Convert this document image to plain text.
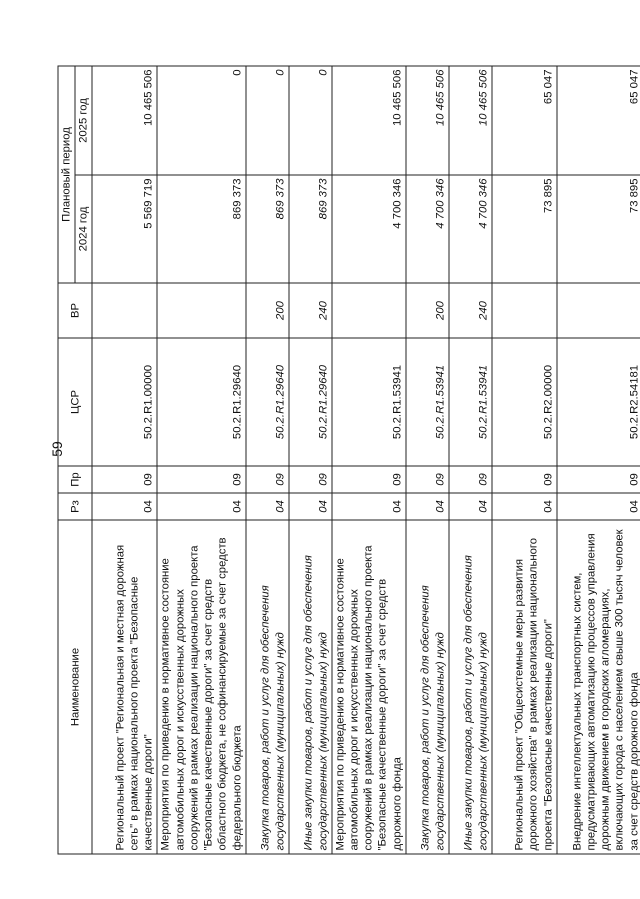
59
Наименование	Рз	Пр	ЦСР	ВР	Плановый период	
					2024 год	2025 год
Региональный проект "Региональная и местная дорожная сеть" в рамках национального проекта "Безопасные качественные дороги"	04	09	50.2.R1.00000		5 569 719	10 465 506
Мероприятия по приведению в нормативное состояние автомобильных дорог и искусственных дорожных сооружений в рамках реализации национального проекта "Безопасные качественные дороги" за счет средств областного бюджета, не софинансируемые за счет средств федерального бюджета	04	09	50.2.R1.29640		869 373	0
Закупка товаров, работ и услуг для обеспечения государственных (муниципальных) нужд	04	09	50.2.R1.29640	200	869 373	0
Иные закупки товаров, работ и услуг для обеспечения государственных (муниципальных) нужд	04	09	50.2.R1.29640	240	869 373	0
Мероприятия по приведению в нормативное состояние автомобильных дорог и искусственных дорожных сооружений в рамках реализации национального проекта "Безопасные качественные дороги" за счет средств дорожного фонда	04	09	50.2.R1.53941		4 700 346	10 465 506
Закупка товаров, работ и услуг для обеспечения государственных (муниципальных) нужд	04	09	50.2.R1.53941	200	4 700 346	10 465 506
Иные закупки товаров, работ и услуг для обеспечения государственных (муниципальных) нужд	04	09	50.2.R1.53941	240	4 700 346	10 465 506
Региональный проект "Общесистемные меры развития дорожного хозяйства" в рамках реализации национального проекта "Безопасные качественные дороги"	04	09	50.2.R2.00000		73 895	65 047
Внедрение интеллектуальных транспортных систем, предусматривающих автоматизацию процессов управления дорожным движением в городских агломерациях, включающих города с населением свыше 300 тысяч человек за счет средств дорожного фонда	04	09	50.2.R2.54181		73 895	65 047
